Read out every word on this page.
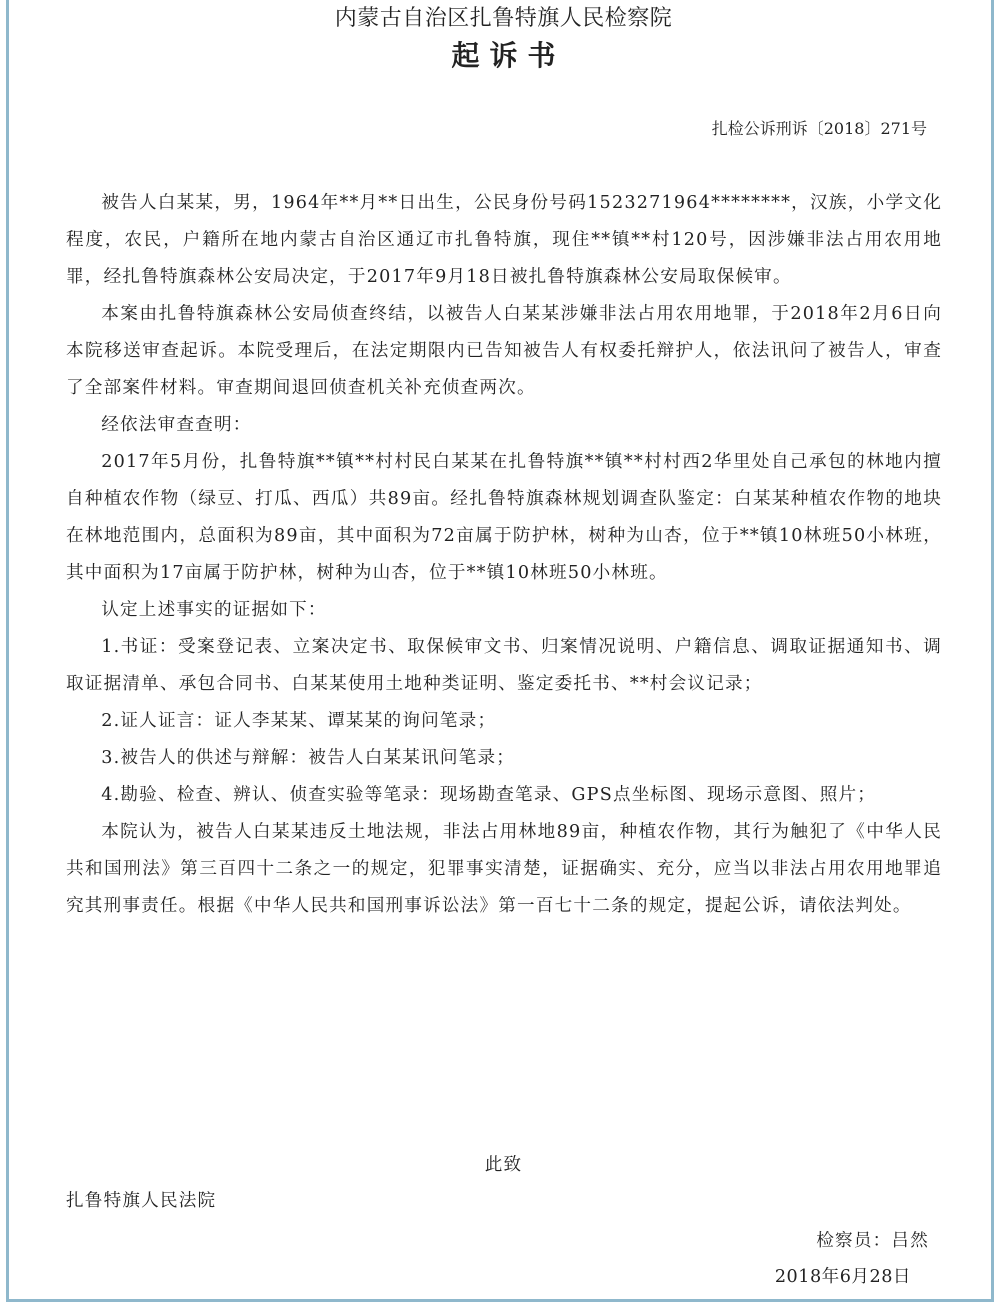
内蒙古自治区扎鲁特旗人民检察院
起诉书
扎检公诉刑诉〔2018〕271号

被告人白某某，男，1964年**月**日出生，公民身份号码1523271964********，汉族，小学文化程度，农民，户籍所在地内蒙古自治区通辽市扎鲁特旗，现住**镇**村120号，因涉嫌非法占用农用地罪，经扎鲁特旗森林公安局决定，于2017年9月18日被扎鲁特旗森林公安局取保候审。

本案由扎鲁特旗森林公安局侦查终结，以被告人白某某涉嫌非法占用农用地罪，于2018年2月6日向本院移送审查起诉。本院受理后，在法定期限内已告知被告人有权委托辩护人，依法讯问了被告人，审查了全部案件材料。审查期间退回侦查机关补充侦查两次。

经依法审查查明：

2017年5月份，扎鲁特旗**镇**村村民白某某在扎鲁特旗**镇**村村西2华里处自己承包的林地内擅自种植农作物（绿豆、打瓜、西瓜）共89亩。经扎鲁特旗森林规划调查队鉴定：白某某种植农作物的地块在林地范围内，总面积为89亩，其中面积为72亩属于防护林，树种为山杏，位于**镇10林班50小林班，其中面积为17亩属于防护林，树种为山杏，位于**镇10林班50小林班。

认定上述事实的证据如下：

1.书证：受案登记表、立案决定书、取保候审文书、归案情况说明、户籍信息、调取证据通知书、调取证据清单、承包合同书、白某某使用土地种类证明、鉴定委托书、**村会议记录；

2.证人证言：证人李某某、谭某某的询问笔录；

3.被告人的供述与辩解：被告人白某某讯问笔录；

4.勘验、检查、辨认、侦查实验等笔录：现场勘查笔录、GPS点坐标图、现场示意图、照片；

本院认为，被告人白某某违反土地法规，非法占用林地89亩，种植农作物，其行为触犯了《中华人民共和国刑法》第三百四十二条之一的规定，犯罪事实清楚，证据确实、充分，应当以非法占用农用地罪追究其刑事责任。根据《中华人民共和国刑事诉讼法》第一百七十二条的规定，提起公诉，请依法判处。

此致
扎鲁特旗人民法院
检察员：吕然
2018年6月28日
